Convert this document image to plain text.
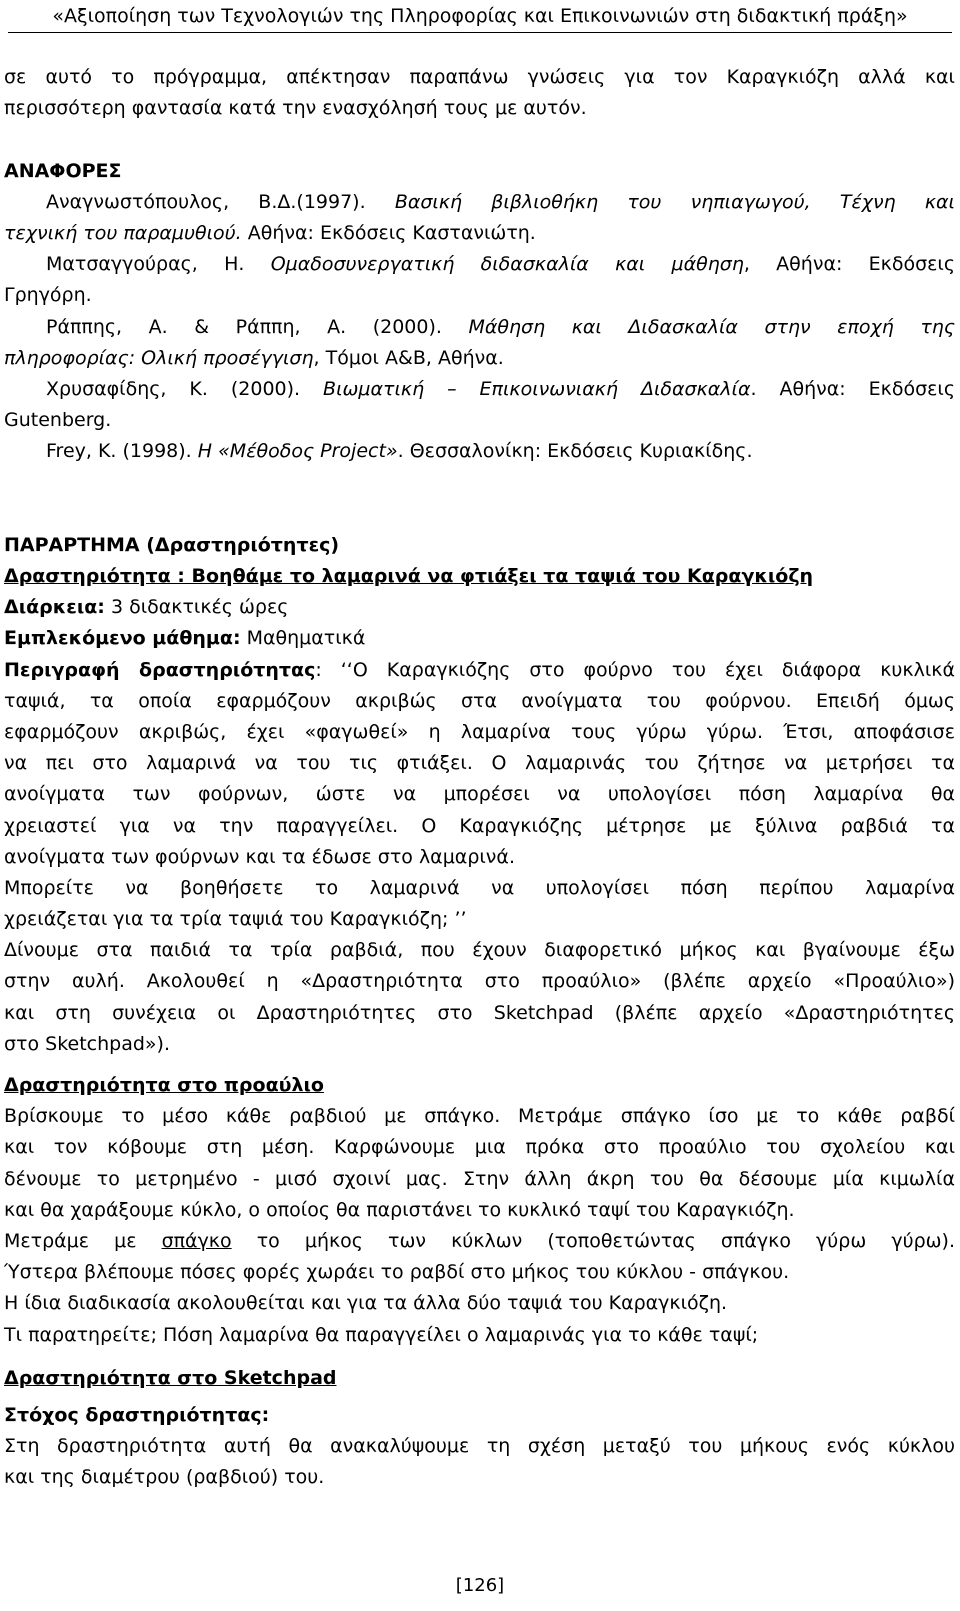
«Αξιοποίηση των Τεχνολογιών της Πληροφορίας και Επικοινωνιών στη διδακτική πράξη»
σε αυτό το πρόγραμμα, απέκτησαν παραπάνω γνώσεις για τον Καραγκιόζη αλλά και
περισσότερη φαντασία κατά την ενασχόλησή τους με αυτόν.
ΑΝΑΦΟΡΕΣ
Αναγνωστόπουλος, Β.Δ.(1997). Βασική βιβλιοθήκη του νηπιαγωγού, Τέχνη και
τεχνική του παραμυθιού. Αθήνα: Εκδόσεις Καστανιώτη.
Ματσαγγούρας, Η. Ομαδοσυνεργατική διδασκαλία και μάθηση, Αθήνα: Εκδόσεις
Γρηγόρη.
Ράππης, Α. & Ράππη, Α. (2000). Μάθηση και Διδασκαλία στην εποχή της
πληροφορίας: Ολική προσέγγιση, Τόμοι Α&Β, Αθήνα.
Χρυσαφίδης, Κ. (2000). Βιωματική – Επικοινωνιακή Διδασκαλία. Αθήνα: Εκδόσεις
Gutenberg.
Frey, K. (1998). Η «Μέθοδος Project». Θεσσαλονίκη: Εκδόσεις Κυριακίδης.
ΠΑΡΑΡΤΗΜΑ (Δραστηριότητες)
Δραστηριότητα : Βοηθάμε το λαμαρινά να φτιάξει τα ταψιά του Καραγκιόζη
Διάρκεια: 3 διδακτικές ώρες
Εμπλεκόμενο μάθημα: Μαθηματικά
Περιγραφή δραστηριότητας: ‘‘Ο Καραγκιόζης στο φούρνο του έχει διάφορα κυκλικά
ταψιά, τα οποία εφαρμόζουν ακριβώς στα ανοίγματα του φούρνου. Επειδή όμως
εφαρμόζουν ακριβώς, έχει «φαγωθεί» η λαμαρίνα τους γύρω γύρω. Έτσι, αποφάσισε
να πει στο λαμαρινά να του τις φτιάξει. Ο λαμαρινάς του ζήτησε να μετρήσει τα
ανοίγματα των φούρνων, ώστε να μπορέσει να υπολογίσει πόση λαμαρίνα θα
χρειαστεί για να την παραγγείλει. Ο Καραγκιόζης μέτρησε με ξύλινα ραβδιά τα
ανοίγματα των φούρνων και τα έδωσε στο λαμαρινά.
Μπορείτε να βοηθήσετε το λαμαρινά να υπολογίσει πόση περίπου λαμαρίνα
χρειάζεται για τα τρία ταψιά του Καραγκιόζη; ’’
Δίνουμε στα παιδιά τα τρία ραβδιά, που έχουν διαφορετικό μήκος και βγαίνουμε έξω
στην αυλή. Ακολουθεί η «Δραστηριότητα στο προαύλιο» (βλέπε αρχείο «Προαύλιο»)
και στη συνέχεια οι Δραστηριότητες στο Sketchpad (βλέπε αρχείο «Δραστηριότητες
στο Sketchpad»).
Δραστηριότητα στο προαύλιο
Βρίσκουμε το μέσο κάθε ραβδιού με σπάγκο. Μετράμε σπάγκο ίσο με το κάθε ραβδί
και τον κόβουμε στη μέση. Καρφώνουμε μια πρόκα στο προαύλιο του σχολείου και
δένουμε το μετρημένο - μισό σχοινί μας. Στην άλλη άκρη του θα δέσουμε μία κιμωλία
και θα χαράξουμε κύκλο, ο οποίος θα παριστάνει το κυκλικό ταψί του Καραγκιόζη.
Μετράμε με σπάγκο το μήκος των κύκλων (τοποθετώντας σπάγκο γύρω γύρω).
Ύστερα βλέπουμε πόσες φορές χωράει το ραβδί στο μήκος του κύκλου - σπάγκου.
Η ίδια διαδικασία ακολουθείται και για τα άλλα δύο ταψιά του Καραγκιόζη.
Τι παρατηρείτε; Πόση λαμαρίνα θα παραγγείλει ο λαμαρινάς για το κάθε ταψί;
Δραστηριότητα στο Sketchpad
Στόχος δραστηριότητας:
Στη δραστηριότητα αυτή θα ανακαλύψουμε τη σχέση μεταξύ του μήκους ενός κύκλου
και της διαμέτρου (ραβδιού) του.
[126]
